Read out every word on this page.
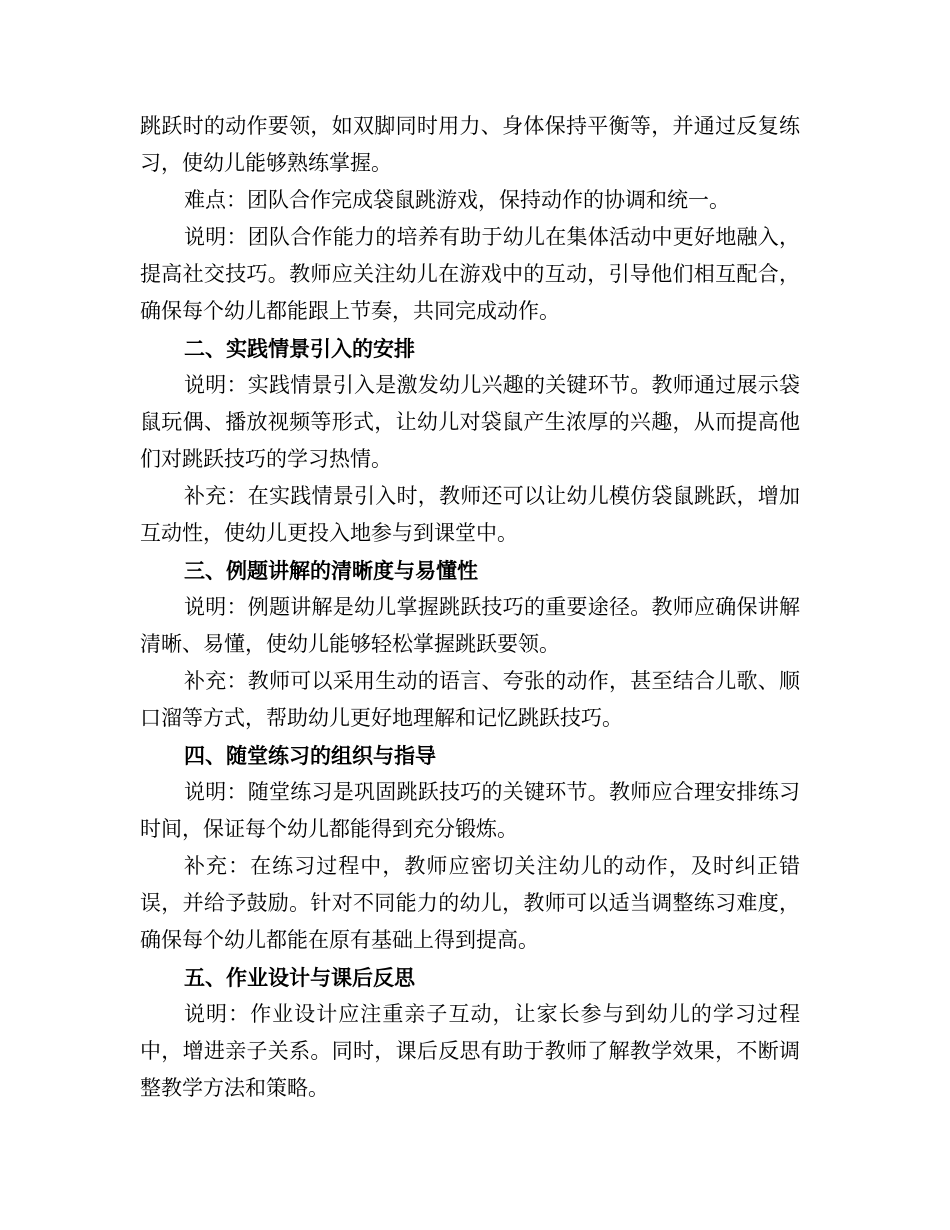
跳跃时的动作要领，如双脚同时用力、身体保持平衡等，并通过反复练习，使幼儿能够熟练掌握。

难点：团队合作完成袋鼠跳游戏，保持动作的协调和统一。

说明：团队合作能力的培养有助于幼儿在集体活动中更好地融入，提高社交技巧。教师应关注幼儿在游戏中的互动，引导他们相互配合，确保每个幼儿都能跟上节奏，共同完成动作。

二、实践情景引入的安排

说明：实践情景引入是激发幼儿兴趣的关键环节。教师通过展示袋鼠玩偶、播放视频等形式，让幼儿对袋鼠产生浓厚的兴趣，从而提高他们对跳跃技巧的学习热情。

补充：在实践情景引入时，教师还可以让幼儿模仿袋鼠跳跃，增加互动性，使幼儿更投入地参与到课堂中。

三、例题讲解的清晰度与易懂性

说明：例题讲解是幼儿掌握跳跃技巧的重要途径。教师应确保讲解清晰、易懂，使幼儿能够轻松掌握跳跃要领。

补充：教师可以采用生动的语言、夸张的动作，甚至结合儿歌、顺口溜等方式，帮助幼儿更好地理解和记忆跳跃技巧。

四、随堂练习的组织与指导

说明：随堂练习是巩固跳跃技巧的关键环节。教师应合理安排练习时间，保证每个幼儿都能得到充分锻炼。

补充：在练习过程中，教师应密切关注幼儿的动作，及时纠正错误，并给予鼓励。针对不同能力的幼儿，教师可以适当调整练习难度，确保每个幼儿都能在原有基础上得到提高。

五、作业设计与课后反思

说明：作业设计应注重亲子互动，让家长参与到幼儿的学习过程中，增进亲子关系。同时，课后反思有助于教师了解教学效果，不断调整教学方法和策略。
